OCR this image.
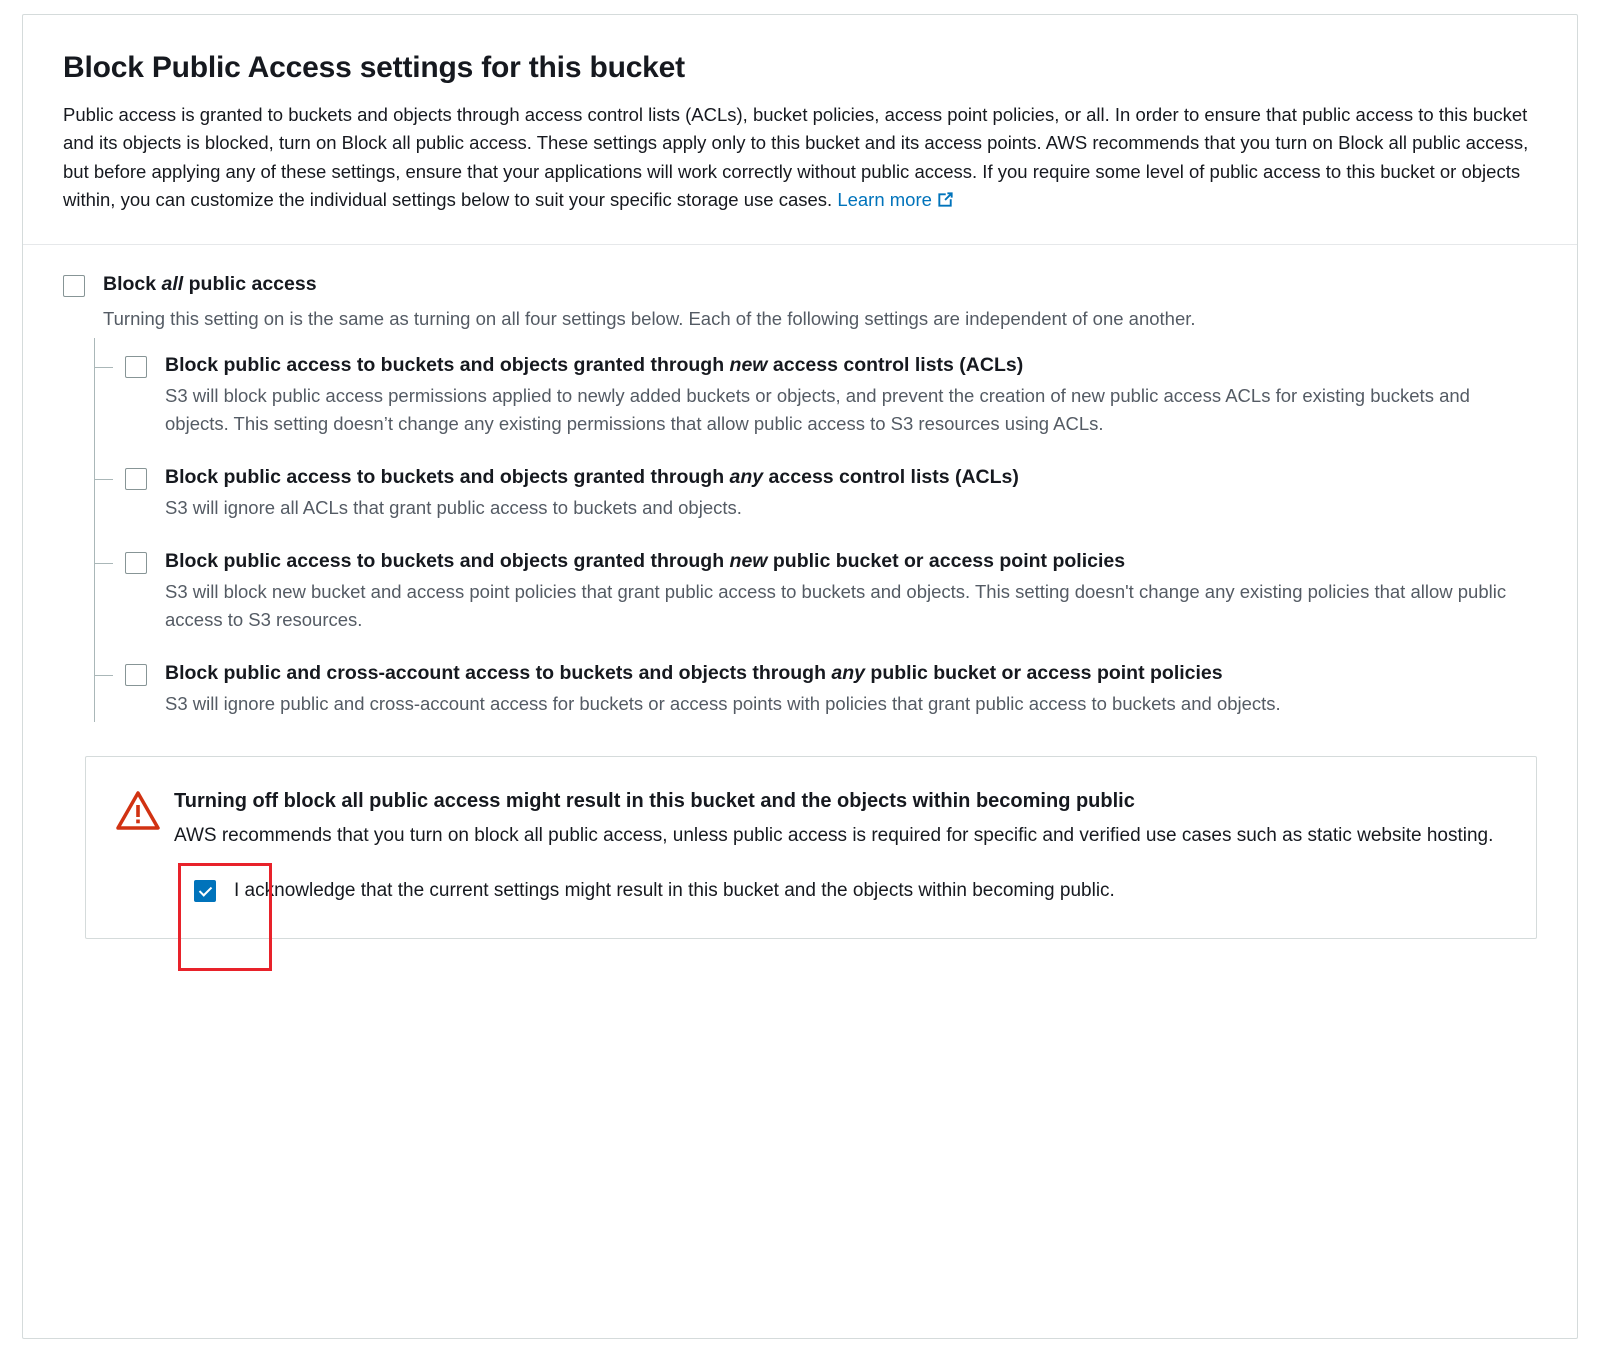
Block Public Access settings for this bucket

Public access is granted to buckets and objects through access control lists (ACLs), bucket policies, access point policies, or all. In order to ensure that public access to this bucket and its objects is blocked, turn on Block all public access. These settings apply only to this bucket and its access points. AWS recommends that you turn on Block all public access, but before applying any of these settings, ensure that your applications will work correctly without public access. If you require some level of public access to this bucket or objects within, you can customize the individual settings below to suit your specific storage use cases. Learn more

Block all public access
Turning this setting on is the same as turning on all four settings below. Each of the following settings are independent of one another.
Block public access to buckets and objects granted through new access control lists (ACLs)
S3 will block public access permissions applied to newly added buckets or objects, and prevent the creation of new public access ACLs for existing buckets and objects. This setting doesn’t change any existing permissions that allow public access to S3 resources using ACLs.
Block public access to buckets and objects granted through any access control lists (ACLs)
S3 will ignore all ACLs that grant public access to buckets and objects.
Block public access to buckets and objects granted through new public bucket or access point policies
S3 will block new bucket and access point policies that grant public access to buckets and objects. This setting doesn't change any existing policies that allow public access to S3 resources.
Block public and cross-account access to buckets and objects through any public bucket or access point policies
S3 will ignore public and cross-account access for buckets or access points with policies that grant public access to buckets and objects.
Turning off block all public access might result in this bucket and the objects within becoming public
AWS recommends that you turn on block all public access, unless public access is required for specific and verified use cases such as static website hosting.
I acknowledge that the current settings might result in this bucket and the objects within becoming public.
